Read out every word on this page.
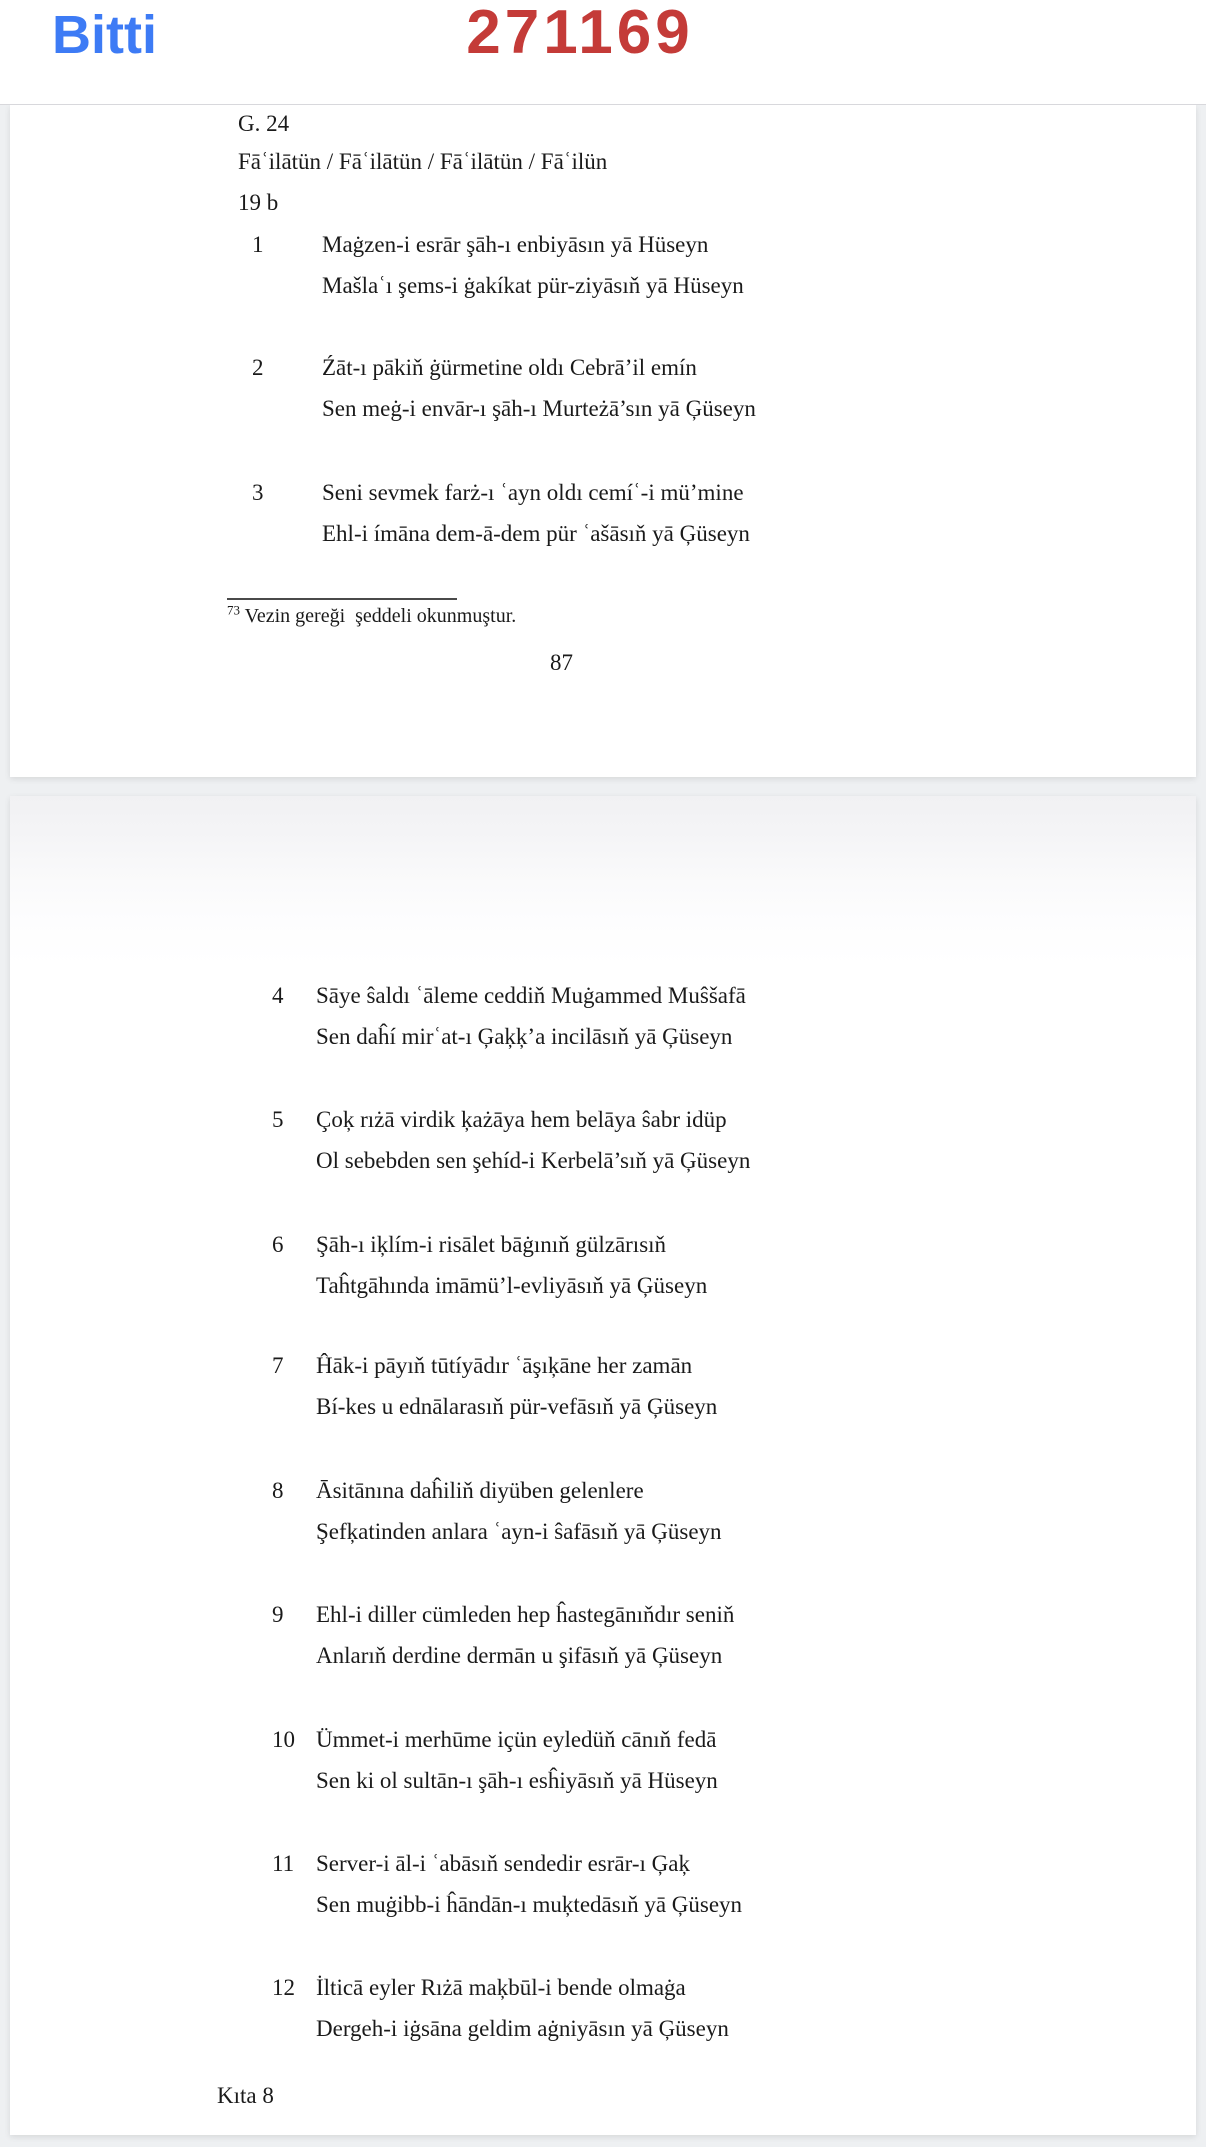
Bitti	271169
G. 24
Fāʿilātün / Fāʿilātün / Fāʿilātün / Fāʿilün
19 b
1	Maġzen-i esrār şāh-ı enbiyāsın yā Hüseyn
Mašlaʿı şems-i ġakíkat pür-ziyāsıň yā Hüseyn
2	Źāt-ı pākiň ġürmetine oldı Cebrā’il emín
Sen meġ-i envār-ı şāh-ı Murteżā’sın yā Ģüseyn
3	Seni sevmek farż-ı ʿayn oldı cemíʿ-i mü’mine
Ehl-i ímāna dem-ā-dem pür ʿašāsıň yā Ģüseyn
$^{73}$ Vezin gereği  şeddeli okunmuştur.
87
4 Sāye ŝaldı ʿāleme ceddiň Muġammed Muŝšafā
Sen daĥí mirʿat-ı Ģaķķ’a incilāsıň yā Ģüseyn
5 Çoķ rıżā virdik ķażāya hem belāya ŝabr idüp
Ol sebebden sen şehíd-i Kerbelā’sıň yā Ģüseyn
6 Şāh-ı iķlím-i risālet bāġınıň gülzārısıň
Taĥtgāhında imāmü’l-evliyāsıň yā Ģüseyn
7 Ĥāk-i pāyıň tūtíyādır ʿāşıķāne her zamān
Bí-kes u ednālarasıň pür-vefāsıň yā Ģüseyn
8 Āsitānına daĥiliň diyüben gelenlere
Şefķatinden anlara ʿayn-i ŝafāsıň yā Ģüseyn
9 Ehl-i diller cümleden hep ĥastegānıňdır seniň
Anlarıň derdine dermān u şifāsıň yā Ģüseyn
10 Ümmet-i merhūme içün eyledüň cānıň fedā
Sen ki ol sultān-ı şāh-ı esĥiyāsıň yā Hüseyn
11 Server-i āl-i ʿabāsıň sendedir esrār-ı Ģaķ
Sen muġibb-i ĥāndān-ı muķtedāsıň yā Ģüseyn
12 İlticā eyler Rıżā maķbūl-i bende olmaġa
Dergeh-i iġsāna geldim aġniyāsın yā Ģüseyn
Kıta 8
